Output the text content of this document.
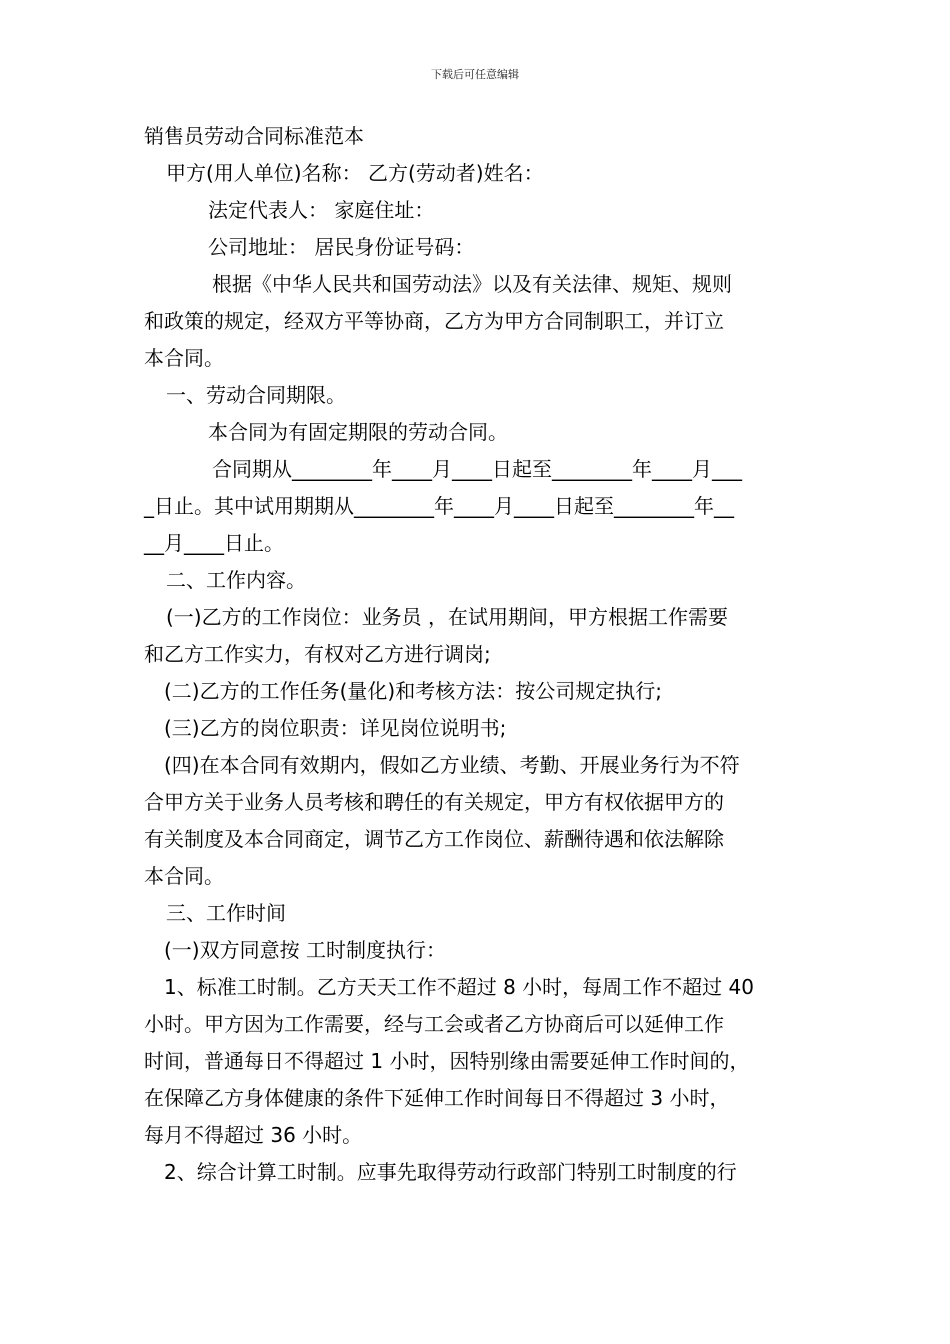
下载后可任意编辑
销售员劳动合同标准范本
甲方(用人单位)名称： 乙方(劳动者)姓名：
法定代表人： 家庭住址：
公司地址： 居民身份证号码：
根据《中华人民共和国劳动法》以及有关法律、规矩、规则
和政策的规定，经双方平等协商，乙方为甲方合同制职工，并订立
本合同。
一、劳动合同期限。
本合同为有固定期限的劳动合同。
合同期从________年____月____日起至________年____月___
_日止。其中试用期期从________年____月____日起至________年__
__月____日止。
二、工作内容。
(一)乙方的工作岗位：业务员 ，在试用期间，甲方根据工作需要
和乙方工作实力，有权对乙方进行调岗;
(二)乙方的工作任务(量化)和考核方法：按公司规定执行;
(三)乙方的岗位职责：详见岗位说明书;
(四)在本合同有效期内，假如乙方业绩、考勤、开展业务行为不符
合甲方关于业务人员考核和聘任的有关规定，甲方有权依据甲方的
有关制度及本合同商定，调节乙方工作岗位、薪酬待遇和依法解除
本合同。
三、工作时间
(一)双方同意按 工时制度执行：
1、标准工时制。乙方天天工作不超过 8 小时，每周工作不超过 40
小时。甲方因为工作需要，经与工会或者乙方协商后可以延伸工作
时间，普通每日不得超过 1 小时，因特别缘由需要延伸工作时间的，
在保障乙方身体健康的条件下延伸工作时间每日不得超过 3 小时，
每月不得超过 36 小时。
2、综合计算工时制。应事先取得劳动行政部门特别工时制度的行
